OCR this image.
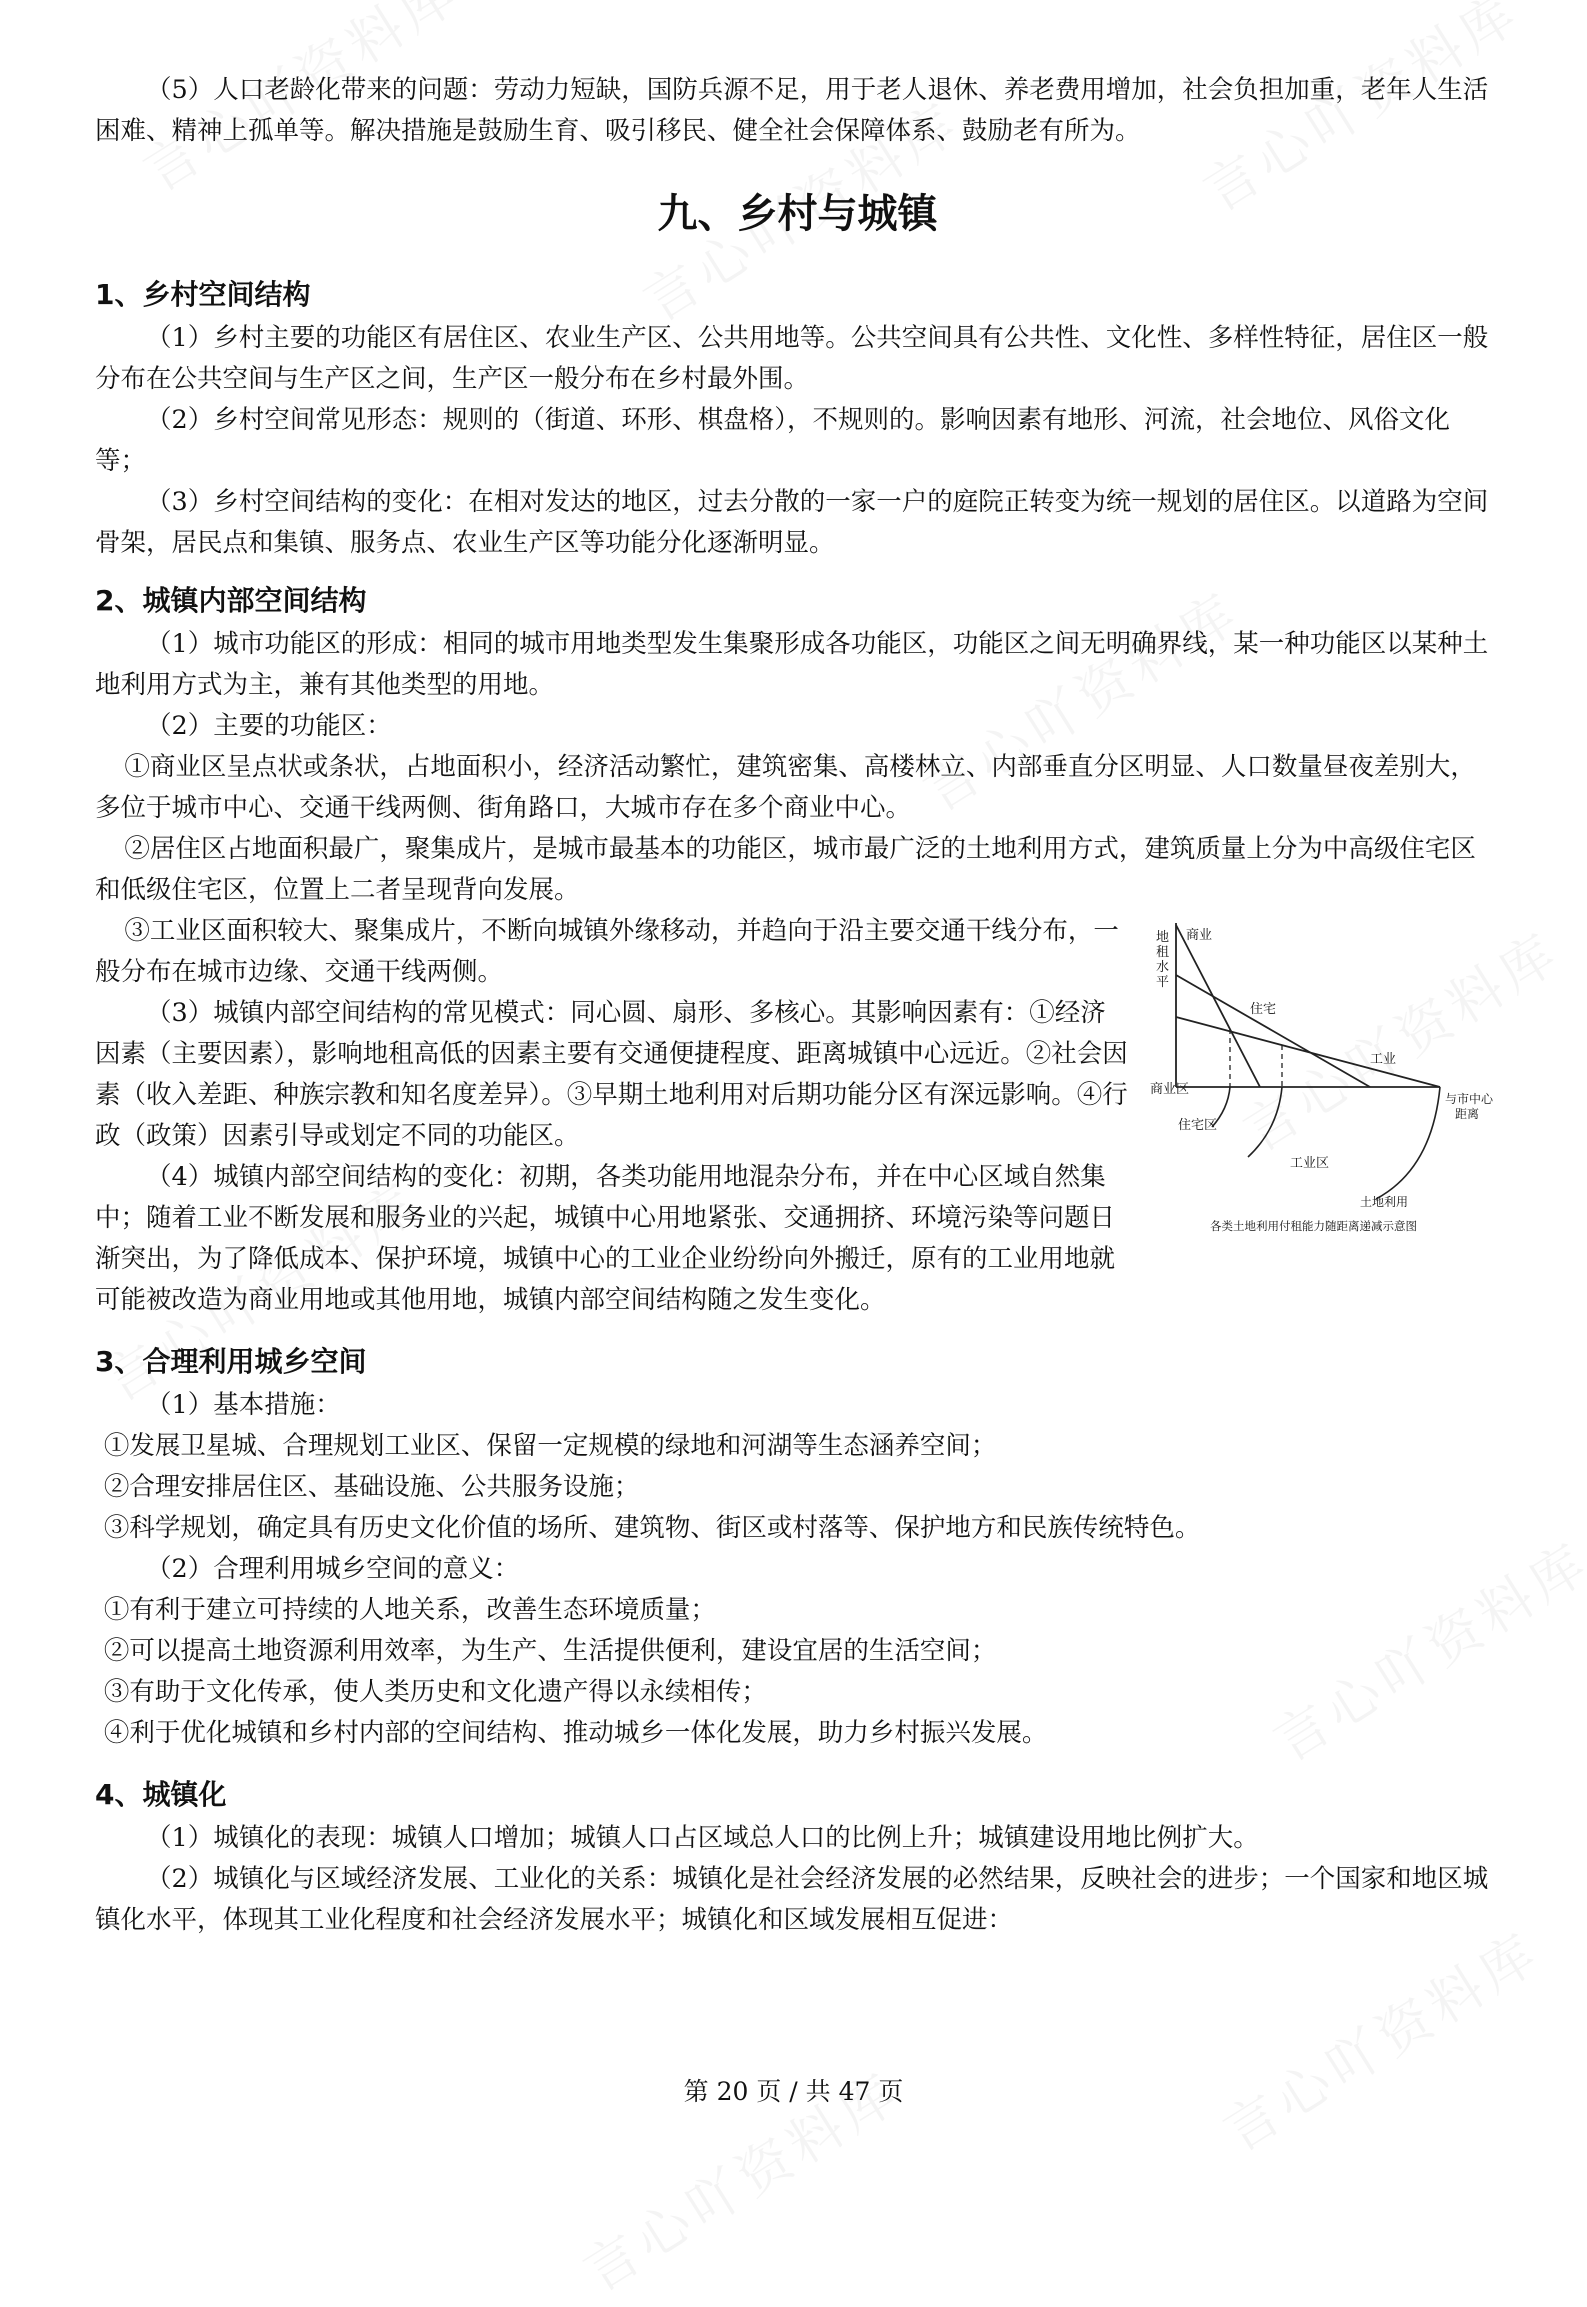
（5）人口老龄化带来的问题：劳动力短缺，国防兵源不足，用于老人退休、养老费用增加，社会负担加重，老年人生活困难、精神上孤单等。解决措施是鼓励生育、吸引移民、健全社会保障体系、鼓励老有所为。

九、乡村与城镇
1、乡村空间结构

（1）乡村主要的功能区有居住区、农业生产区、公共用地等。公共空间具有公共性、文化性、多样性特征，居住区一般分布在公共空间与生产区之间，生产区一般分布在乡村最外围。

（2）乡村空间常见形态：规则的（街道、环形、棋盘格），不规则的。影响因素有地形、河流，社会地位、风俗文化等；

（3）乡村空间结构的变化：在相对发达的地区，过去分散的一家一户的庭院正转变为统一规划的居住区。以道路为空间骨架，居民点和集镇、服务点、农业生产区等功能分化逐渐明显。

2、城镇内部空间结构

（1）城市功能区的形成：相同的城市用地类型发生集聚形成各功能区，功能区之间无明确界线，某一种功能区以某种土地利用方式为主，兼有其他类型的用地。

（2）主要的功能区：

①商业区呈点状或条状，占地面积小，经济活动繁忙，建筑密集、高楼林立、内部垂直分区明显、人口数量昼夜差别大，多位于城市中心、交通干线两侧、街角路口，大城市存在多个商业中心。

②居住区占地面积最广，聚集成片，是城市最基本的功能区，城市最广泛的土地利用方式，建筑质量上分为中高级住宅区和低级住宅区，位置上二者呈现背向发展。

地
租
水
平
商业
住宅
工业
与市中心
距离
商业区
住宅区
工业区
土地利用
各类土地利用付租能力随距离递减示意图

③工业区面积较大、聚集成片，不断向城镇外缘移动，并趋向于沿主要交通干线分布，一般分布在城市边缘、交通干线两侧。

（3）城镇内部空间结构的常见模式：同心圆、扇形、多核心。其影响因素有：①经济因素（主要因素），影响地租高低的因素主要有交通便捷程度、距离城镇中心远近。②社会因素（收入差距、种族宗教和知名度差异）。③早期土地利用对后期功能分区有深远影响。④行政（政策）因素引导或划定不同的功能区。

（4）城镇内部空间结构的变化：初期，各类功能用地混杂分布，并在中心区域自然集中；随着工业不断发展和服务业的兴起，城镇中心用地紧张、交通拥挤、环境污染等问题日渐突出，为了降低成本、保护环境，城镇中心的工业企业纷纷向外搬迁，原有的工业用地就可能被改造为商业用地或其他用地，城镇内部空间结构随之发生变化。

3、合理利用城乡空间

（1）基本措施：

①发展卫星城、合理规划工业区、保留一定规模的绿地和河湖等生态涵养空间；

②合理安排居住区、基础设施、公共服务设施；

③科学规划，确定具有历史文化价值的场所、建筑物、街区或村落等、保护地方和民族传统特色。

（2）合理利用城乡空间的意义：

①有利于建立可持续的人地关系，改善生态环境质量；

②可以提高土地资源利用效率，为生产、生活提供便利，建设宜居的生活空间；

③有助于文化传承，使人类历史和文化遗产得以永续相传；

④利于优化城镇和乡村内部的空间结构、推动城乡一体化发展，助力乡村振兴发展。

4、城镇化

（1）城镇化的表现：城镇人口增加；城镇人口占区域总人口的比例上升；城镇建设用地比例扩大。

（2）城镇化与区域经济发展、工业化的关系：城镇化是社会经济发展的必然结果，反映社会的进步；一个国家和地区城镇化水平，体现其工业化程度和社会经济发展水平；城镇化和区域发展相互促进：

第 20 页 / 共 47 页
